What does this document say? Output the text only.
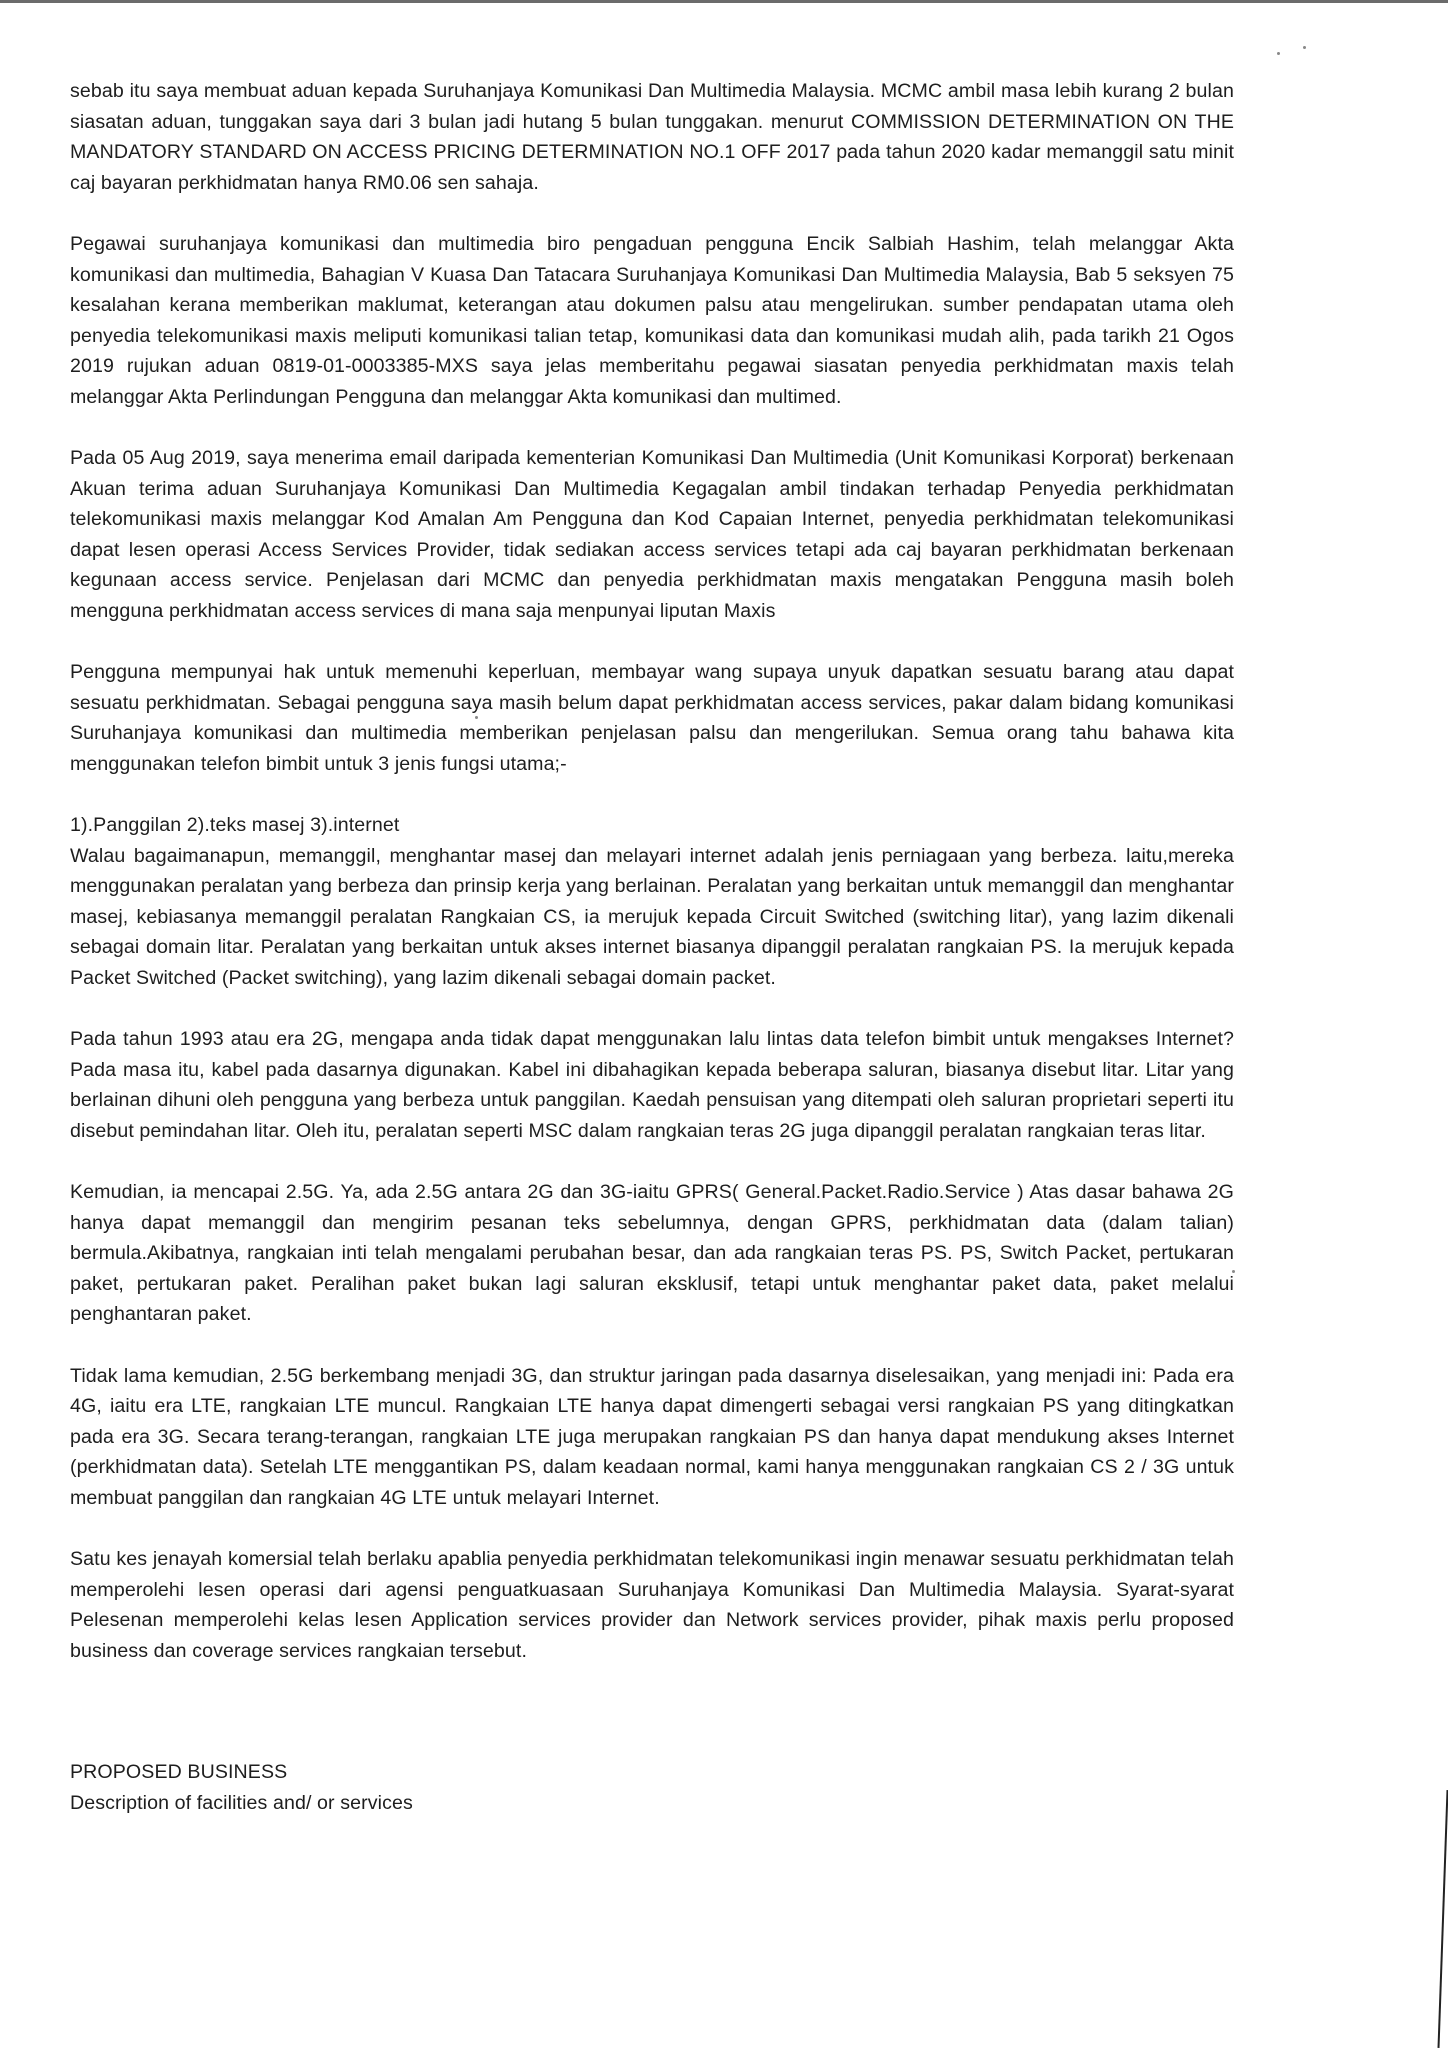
sebab itu saya membuat aduan kepada Suruhanjaya Komunikasi Dan Multimedia Malaysia. MCMC ambil masa lebih kurang 2 bulan siasatan aduan, tunggakan saya dari 3 bulan jadi hutang 5 bulan tunggakan. menurut COMMISSION DETERMINATION ON THE MANDATORY STANDARD ON ACCESS PRICING DETERMINATION NO.1 OFF 2017 pada tahun 2020 kadar memanggil satu minit caj bayaran perkhidmatan hanya RM0.06 sen sahaja.

Pegawai suruhanjaya komunikasi dan multimedia biro pengaduan pengguna Encik Salbiah Hashim, telah melanggar Akta komunikasi dan multimedia, Bahagian V Kuasa Dan Tatacara Suruhanjaya Komunikasi Dan Multimedia Malaysia, Bab 5 seksyen 75 kesalahan kerana memberikan maklumat, keterangan atau dokumen palsu atau mengelirukan. sumber pendapatan utama oleh penyedia telekomunikasi maxis meliputi komunikasi talian tetap, komunikasi data dan komunikasi mudah alih, pada tarikh 21 Ogos 2019 rujukan aduan 0819-01-0003385-MXS saya jelas memberitahu pegawai siasatan penyedia perkhidmatan maxis telah melanggar Akta Perlindungan Pengguna dan melanggar Akta komunikasi dan multimed.

Pada 05 Aug 2019, saya menerima email daripada kementerian Komunikasi Dan Multimedia (Unit Komunikasi Korporat) berkenaan Akuan terima aduan Suruhanjaya Komunikasi Dan Multimedia Kegagalan ambil tindakan terhadap Penyedia perkhidmatan telekomunikasi maxis melanggar Kod Amalan Am Pengguna dan Kod Capaian Internet, penyedia perkhidmatan telekomunikasi dapat lesen operasi Access Services Provider, tidak sediakan access services tetapi ada caj bayaran perkhidmatan berkenaan kegunaan access service. Penjelasan dari MCMC dan penyedia perkhidmatan maxis mengatakan Pengguna masih boleh mengguna perkhidmatan access services di mana saja menpunyai liputan Maxis

Pengguna mempunyai hak untuk memenuhi keperluan, membayar wang supaya unyuk dapatkan sesuatu barang atau dapat sesuatu perkhidmatan. Sebagai pengguna saya masih belum dapat perkhidmatan access services, pakar dalam bidang komunikasi Suruhanjaya komunikasi dan multimedia memberikan penjelasan palsu dan mengerilukan. Semua orang tahu bahawa kita menggunakan telefon bimbit untuk 3 jenis fungsi utama;-

1).Panggilan 2).teks masej 3).internet

Walau bagaimanapun, memanggil, menghantar masej dan melayari internet adalah jenis perniagaan yang berbeza. laitu,mereka menggunakan peralatan yang berbeza dan prinsip kerja yang berlainan. Peralatan yang berkaitan untuk memanggil dan menghantar masej, kebiasanya memanggil peralatan Rangkaian CS, ia merujuk kepada Circuit Switched (switching litar), yang lazim dikenali sebagai domain litar. Peralatan yang berkaitan untuk akses internet biasanya dipanggil peralatan rangkaian PS. Ia merujuk kepada Packet Switched (Packet switching), yang lazim dikenali sebagai domain packet.

Pada tahun 1993 atau era 2G, mengapa anda tidak dapat menggunakan lalu lintas data telefon bimbit untuk mengakses Internet? Pada masa itu, kabel pada dasarnya digunakan. Kabel ini dibahagikan kepada beberapa saluran, biasanya disebut litar. Litar yang berlainan dihuni oleh pengguna yang berbeza untuk panggilan. Kaedah pensuisan yang ditempati oleh saluran proprietari seperti itu disebut pemindahan litar. Oleh itu, peralatan seperti MSC dalam rangkaian teras 2G juga dipanggil peralatan rangkaian teras litar.

Kemudian, ia mencapai 2.5G. Ya, ada 2.5G antara 2G dan 3G-iaitu GPRS( General.Packet.Radio.Service ) Atas dasar bahawa 2G hanya dapat memanggil dan mengirim pesanan teks sebelumnya, dengan GPRS, perkhidmatan data (dalam talian) bermula.Akibatnya, rangkaian inti telah mengalami perubahan besar, dan ada rangkaian teras PS. PS, Switch Packet, pertukaran paket, pertukaran paket. Peralihan paket bukan lagi saluran eksklusif, tetapi untuk menghantar paket data, paket melalui penghantaran paket.

Tidak lama kemudian, 2.5G berkembang menjadi 3G, dan struktur jaringan pada dasarnya diselesaikan, yang menjadi ini: Pada era 4G, iaitu era LTE, rangkaian LTE muncul. Rangkaian LTE hanya dapat dimengerti sebagai versi rangkaian PS yang ditingkatkan pada era 3G. Secara terang-terangan, rangkaian LTE juga merupakan rangkaian PS dan hanya dapat mendukung akses Internet (perkhidmatan data). Setelah LTE menggantikan PS, dalam keadaan normal, kami hanya menggunakan rangkaian CS 2 / 3G untuk membuat panggilan dan rangkaian 4G LTE untuk melayari Internet.

Satu kes jenayah komersial telah berlaku apablia penyedia perkhidmatan telekomunikasi ingin menawar sesuatu perkhidmatan telah memperolehi lesen operasi dari agensi penguatkuasaan Suruhanjaya Komunikasi Dan Multimedia Malaysia. Syarat-syarat Pelesenan memperolehi kelas lesen Application services provider dan Network services provider, pihak maxis perlu proposed business dan coverage services rangkaian tersebut.

PROPOSED BUSINESS

Description of facilities and/ or services
